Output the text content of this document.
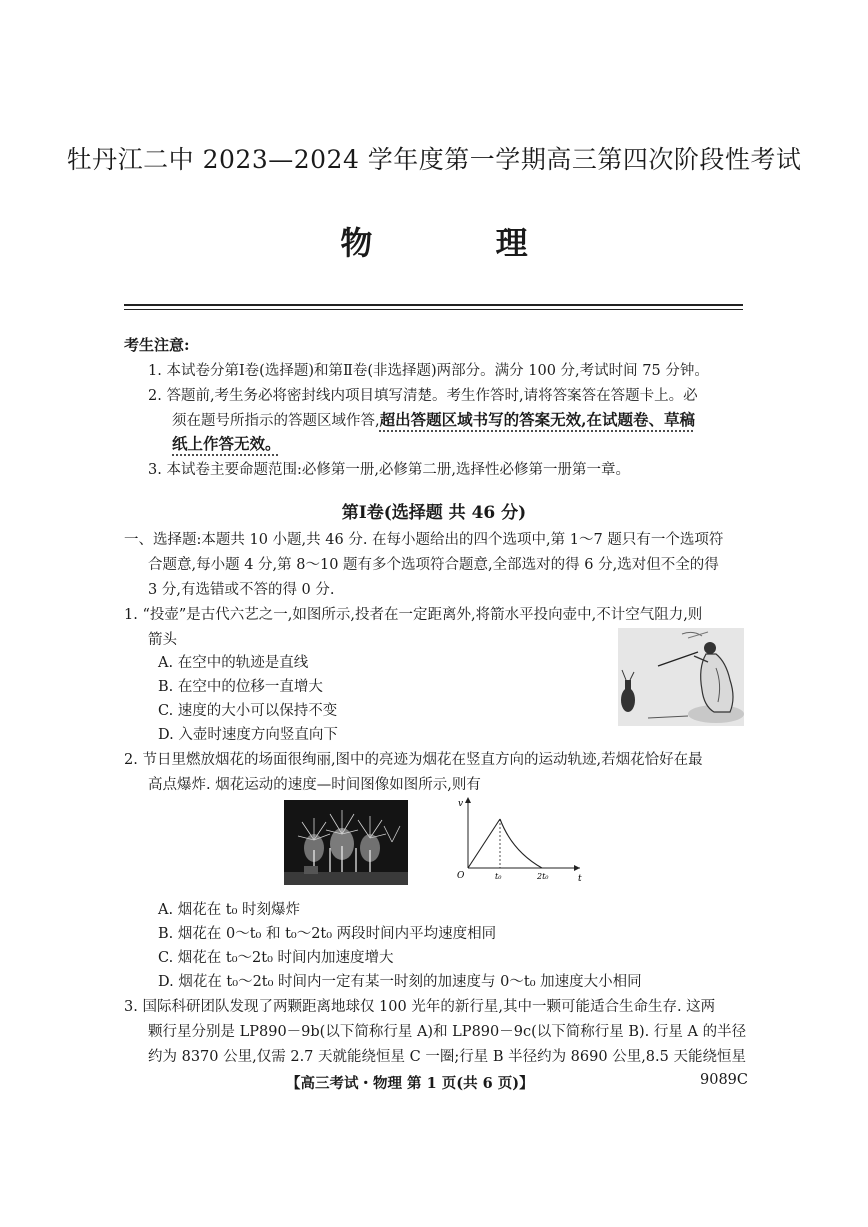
牡丹江二中 2023—2024 学年度第一学期高三第四次阶段性考试
物 理
考生注意:
1. 本试卷分第Ⅰ卷(选择题)和第Ⅱ卷(非选择题)两部分。满分 100 分,考试时间 75 分钟。
2. 答题前,考生务必将密封线内项目填写清楚。考生作答时,请将答案答在答题卡上。必
须在题号所指示的答题区域作答,超出答题区域书写的答案无效,在试题卷、草稿
纸上作答无效。
3. 本试卷主要命题范围:必修第一册,必修第二册,选择性必修第一册第一章。
第Ⅰ卷(选择题 共 46 分)
一、选择题:本题共 10 小题,共 46 分. 在每小题给出的四个选项中,第 1～7 题只有一个选项符
合题意,每小题 4 分,第 8～10 题有多个选项符合题意,全部选对的得 6 分,选对但不全的得
3 分,有选错或不答的得 0 分.
1. “投壶”是古代六艺之一,如图所示,投者在一定距离外,将箭水平投向壶中,不计空气阻力,则
箭头
A. 在空中的轨迹是直线
B. 在空中的位移一直增大
C. 速度的大小可以保持不变
D. 入壶时速度方向竖直向下
2. 节日里燃放烟花的场面很绚丽,图中的亮迹为烟花在竖直方向的运动轨迹,若烟花恰好在最
高点爆炸. 烟花运动的速度—时间图像如图所示,则有
v
t
O	t₀	2t₀
A. 烟花在 t₀ 时刻爆炸
B. 烟花在 0～t₀ 和 t₀～2t₀ 两段时间内平均速度相同
C. 烟花在 t₀～2t₀ 时间内加速度增大
D. 烟花在 t₀～2t₀ 时间内一定有某一时刻的加速度与 0～t₀ 加速度大小相同
3. 国际科研团队发现了两颗距离地球仅 100 光年的新行星,其中一颗可能适合生命生存. 这两
颗行星分别是 LP890－9b(以下简称行星 A)和 LP890－9c(以下简称行星 B). 行星 A 的半径
约为 8370 公里,仅需 2.7 天就能绕恒星 C 一圈;行星 B 半径约为 8690 公里,8.5 天能绕恒星
【高三考试・物理 第 1 页(共 6 页)】	9089C
